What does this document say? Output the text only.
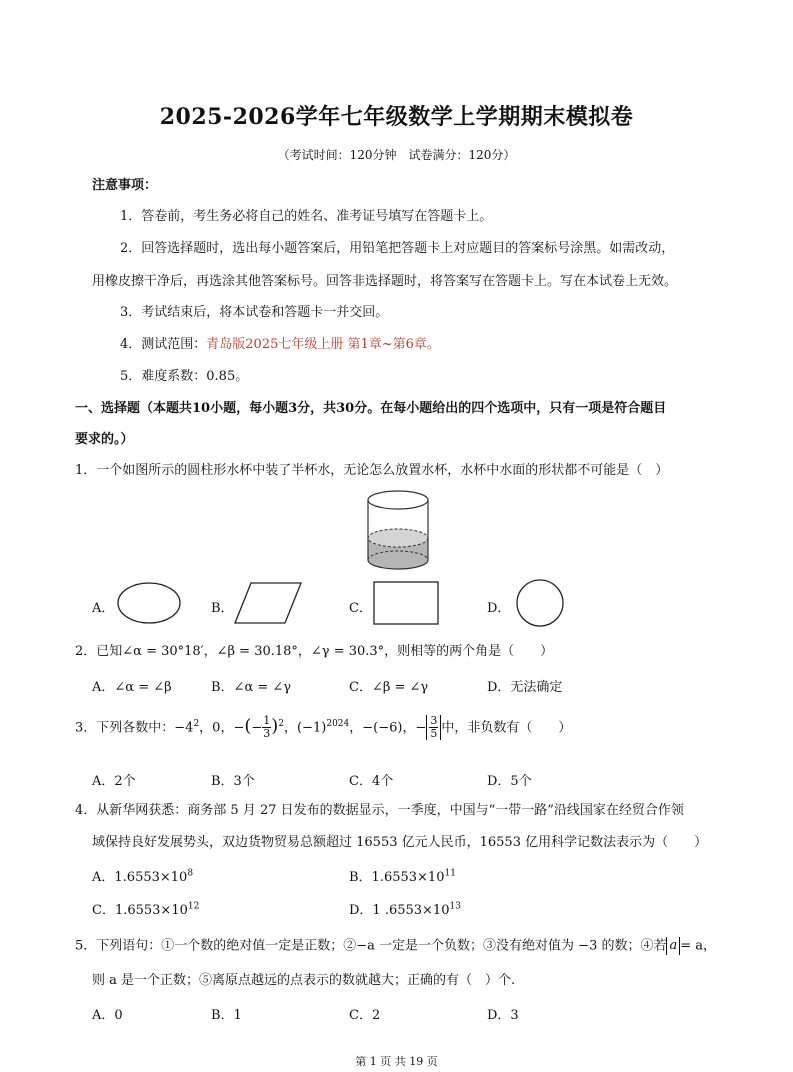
2025-2026学年七年级数学上学期期末模拟卷
（考试时间：120分钟　试卷满分：120分）
注意事项：
1．答卷前，考生务必将自己的姓名、准考证号填写在答题卡上。
2．回答选择题时，选出每小题答案后，用铅笔把答题卡上对应题目的答案标号涂黑。如需改动，
用橡皮擦干净后，再选涂其他答案标号。回答非选择题时，将答案写在答题卡上。写在本试卷上无效。
3．考试结束后，将本试卷和答题卡一并交回。
4．测试范围：青岛版2025七年级上册 第1章~第6章。
5．难度系数：0.85。
一、选择题（本题共10小题，每小题3分，共30分。在每小题给出的四个选项中，只有一项是符合题目
要求的。）
1．一个如图所示的圆柱形水杯中装了半杯水，无论怎么放置水杯，水杯中水面的形状都不可能是（　）
A．	B．	C．	D．
2．已知∠α = 30°18′，∠β = 30.18°，∠γ = 30.3°，则相等的两个角是（　　）
A．∠α = ∠β	B．∠α = ∠γ	C．∠β = ∠γ	D．无法确定
3．下列各数中：$-4^2$，0，−(− $\frac{1}{3} )^2$，$(-1)^{2024}$，−(−6)，− $\frac{3}{5}$ 中，非负数有（　　）
A．2个	B．3个	C．4个	D．5个
4．从新华网获悉：商务部 5 月 27 日发布的数据显示，一季度，中国与“一带一路”沿线国家在经贸合作领
域保持良好发展势头，双边货物贸易总额超过 16553 亿元人民币，16553 亿用科学记数法表示为（　　）
A．$1.6553\times 10^8$	B．$1.6553\times 10^{11}$
C．$1.6553\times 10^{12}$	D．1 $.6553\times 10^{13}$
5．下列语句：①一个数的绝对值一定是正数；②−a 一定是一个负数；③没有绝对值为 −3 的数；④若 a = a，
则 a 是一个正数；⑤离原点越远的点表示的数就越大；正确的有（　）个.
A．0	B．1	C．2	D．3
第 1 页 共 19 页
